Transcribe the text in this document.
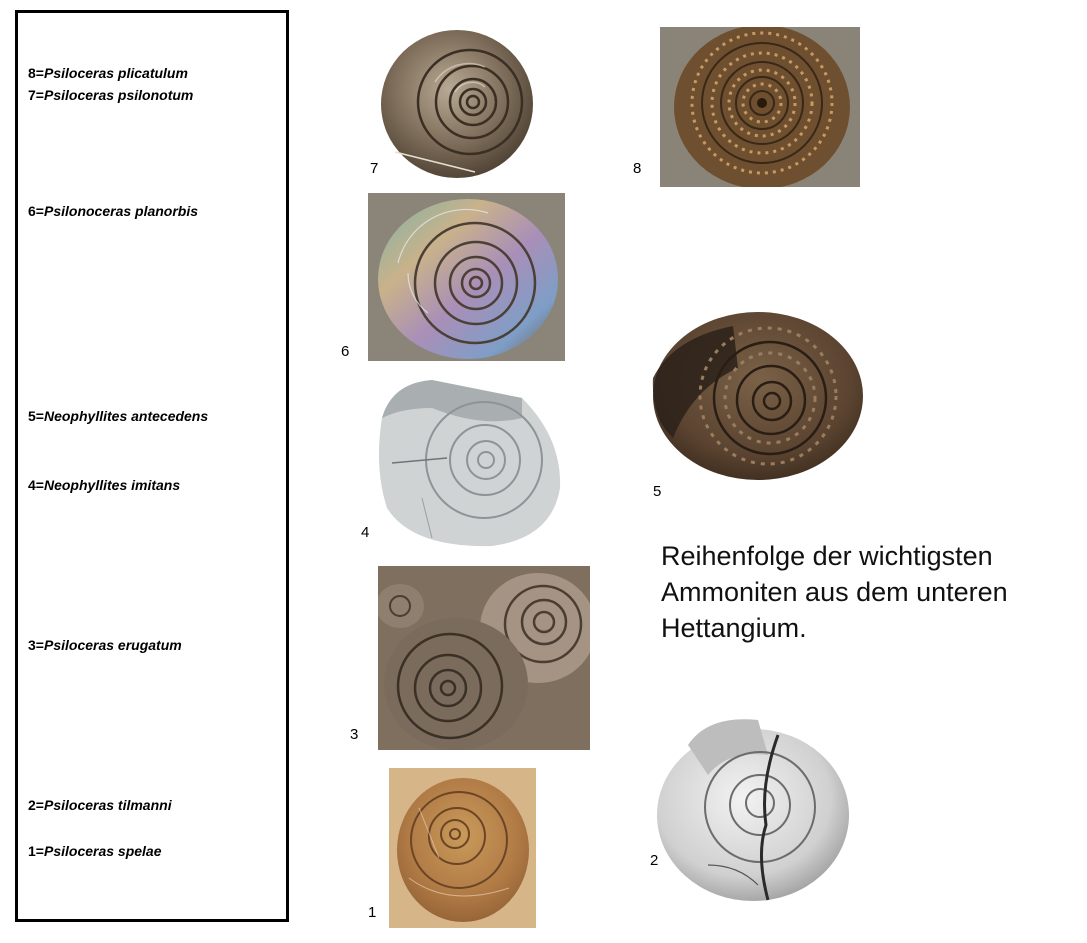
8=Psiloceras plicatulum
7=Psiloceras psilonotum
6=Psilonoceras planorbis
5=Neophyllites antecedens
4=Neophyllites imitans
3=Psiloceras erugatum
2=Psiloceras tilmanni
1=Psiloceras spelae
7	8
6
5
4
3
2
1
Reihenfolge der wichtigsten
Ammoniten aus dem unteren
Hettangium.
